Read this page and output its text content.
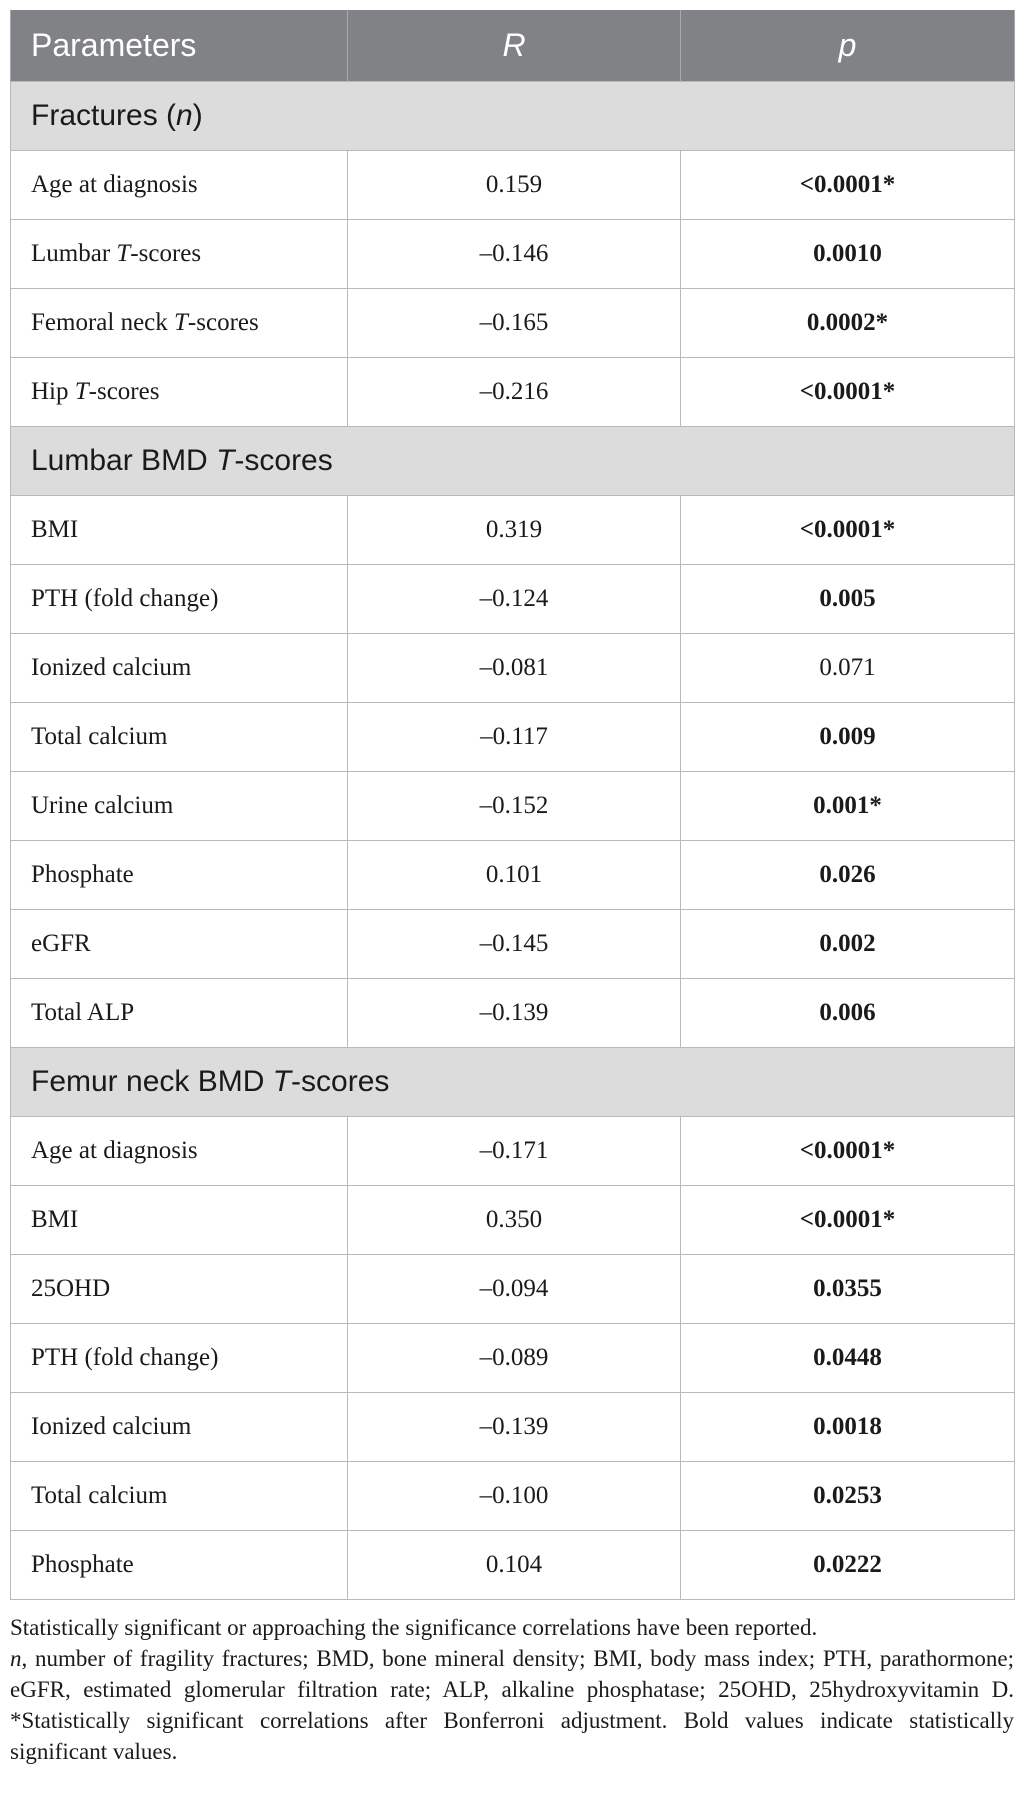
Parameters	R	p
Fractures (n)		
Age at diagnosis	0.159	<0.0001*
Lumbar T-scores	–0.146	0.0010
Femoral neck T-scores	–0.165	0.0002*
Hip T-scores	–0.216	<0.0001*
Lumbar BMD T-scores		
BMI	0.319	<0.0001*
PTH (fold change)	–0.124	0.005
Ionized calcium	–0.081	0.071
Total calcium	–0.117	0.009
Urine calcium	–0.152	0.001*
Phosphate	0.101	0.026
eGFR	–0.145	0.002
Total ALP	–0.139	0.006
Femur neck BMD T-scores		
Age at diagnosis	–0.171	<0.0001*
BMI	0.350	<0.0001*
25OHD	–0.094	0.0355
PTH (fold change)	–0.089	0.0448
Ionized calcium	–0.139	0.0018
Total calcium	–0.100	0.0253
Phosphate	0.104	0.0222

Statistically significant or approaching the significance correlations have been reported.

n, number of fragility fractures; BMD, bone mineral density; BMI, body mass index; PTH, parathormone; eGFR, estimated glomerular filtration rate; ALP, alkaline phosphatase; 25OHD, 25hydroxyvitamin D. *Statistically significant correlations after Bonferroni adjustment. Bold values indicate statistically significant values.
